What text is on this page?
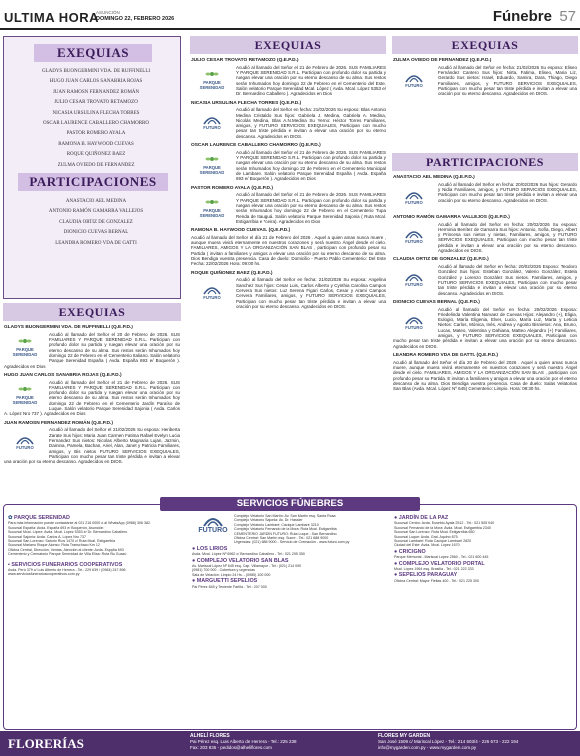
ULTIMA HORA
ASUNCIÓN
DOMINGO 22, FEBRERO 2026	Fúnebre 57
EXEQUIAS
GLADYS BUONGERMINI VDA. DE RUFFINELLI
HUGO JUAN CARLOS SANABRIA ROJAS
JUAN RAMOSN FERNANDEZ ROMÁN
JULIO CESAR TROVATO RETAMOZO
NICASIA URSULINA FLECHA TORRES
OSCAR LAURENCE CABALLERO CHAMORRO
PASTOR ROMERO AYALA
RAMONA B. HAYWOOD CUEVAS
ROQUE QUIÑONEZ BAEZ
ZULMA OVIEDO DE FERNANDEZ
PARTICIPACIONES
ANASTACIO AEL MEDINA
ANTONIO RAMÓN GAMARRA VALLEJOS
CLAUDIA ORTIZ DE GONZALEZ
DIONICIO CUEVAS BERNAL
LEANDRA ROMERO VDA DE GATTI
EXEQUIAS
EXEQUIAS	EXEQUIAS
PARTICIPACIONES
GLADYS BUONGERMINI VDA. DE RUFFINELLI (Q.E.P.D.)
PARQUE SERENIDAD
Acudió al llamado del Señor el 20 de Febrero de 2026. SUS FAMILIARES Y PARQUE SERENIDAD S.R.L. Participan con profundo dolor su partida y ruegan elevar una oración por su eterno descanso de su alma. Sus restos serán Inhumados hoy domingo 22 de Febrero en el Cementerio Italiano. Salón velatorio Parque Serenidad España ( Avda. España 693 e/ Boquerón ). Agradecidos en Dios
HUGO JUAN CARLOS SANABRIA ROJAS (Q.E.P.D.)
PARQUE SERENIDAD
Acudió al llamado del Señor el 21 de Febrero de 2026. SUS FAMILIARES Y PARQUE SERENIDAD S.R.L. Participan con profundo dolor su partida y ruegan elevar una oración por su eterno descanso de su alma. Sus restos serán Inhumados hoy domingo 22 de Febrero en el Cementerio Jardín Paraíso de Luque. Salón velatorio Parque Serenidad Sajonia ( Avda. Carlos A. López Nro 737 ). Agradecidos en Dios
JUAN RAMOSN FERNANDEZ ROMÁN (Q.E.P.D.)
FUTURO
Acudió al llamado del Señor el 21/02/2026 Su esposa: Heriberta Zarate Sus hijos: Maria Juan Carmen Fatima Rafael Evelyn Lucia Fernandez Sus nietos: Nicolas Alberto Magnaria Lujan, Jazmin, Damina, Pamela, Bachan, Ariel, Alan, Janet y Patricia Familiares, amigos, y Bis nietos FUTURO SERVICIOS EXEQUIALES, Participan con mucho pesar tan triste pérdida e invitan a elevar una oración por su eterno descanso. Agradecidos en DIOS.
JULIO CESAR TROVATO RETAMOZO (Q.E.P.D.)
PARQUE SERENIDAD
Acudió al llamado del Señor el 21 de Febrero de 2026. SUS FAMILIARES Y PARQUE SERENIDAD S.R.L. Participan con profundo dolor su partida y ruegan elevar una oración por su eterno descanso de su alma. Sus restos serán Inhumados hoy domingo 22 de Febrero en el Cementerio del Este. Salón velatorio Parque Serenidad Mcal. López ( Avda. Mcal. López 5353 e/ Dr. Bernardino Caballero ). Agradecidos en Dios
NICASIA URSULINA FLECHA TORRES (Q.E.P.D.)
FUTURO
Acudió al llamado del Señor en fecha: 21/02/2026 Su esposo: Blas Antonio Medina Cristaldo Sus hijos: Gabriela J. Medina, Gabriela A. Medina, Nicolás Medina, Blas A.N.Medina Su Yerno: Héctor Torres Familiares, amigos, y FUTURO SERVICIOS EXEQUIALES, Participan con mucho pesar tan triste pérdida e invitan a elevar una oración por su eterno descanso. Agradecidos en DIOS.
OSCAR LAURENCE CABALLERO CHAMORRO (Q.E.P.D.)
PARQUE SERENIDAD
Acudió al llamado del Señor el 21 de Febrero de 2026. SUS FAMILIARES Y PARQUE SERENIDAD S.R.L. Participan con profundo dolor su partida y ruegan elevar una oración por su eterno descanso de su alma. Sus restos serán Inhumados hoy domingo 22 de Febrero en el Cementerio Municipal de Lambare. Salón velatorio Parque Serenidad España ( Avda. España 693 e/ Boquerón ). Agradecidos en Dios
PASTOR ROMERO AYALA (Q.E.P.D.)
PARQUE SERENIDAD
Acudió al llamado del Señor el 21 de Febrero de 2026. SUS FAMILIARES Y PARQUE SERENIDAD S.R.L. Participan con profundo dolor su partida y ruegan elevar una oración por su eterno descanso de su alma. Sus restos serán Inhumados hoy domingo 22 de Febrero en el Cementerio Tupa Renda de Itauguá. Salón velatorio Parque Serenidad Sajonia ( Ruta Mcal. Estigarribia e *ceira). Agradecidos en Dios
RAMONA B. HAYWOOD CUEVAS. (Q.E.P.D.)
Acudió al llamado del Señor el día 21 de Febrero del 2026 . Aquel a quien amas nunca muere , aunque muera vivirá eternamente en nuestros corazones y será nuestro Ángel desde el cielo. FAMILIARES, AMIGOS Y LA ORGANIZACIÓN SAN BLAS , participan con profundo pesar su Partida ( invitan a familiares y amigos a elevar una oración por su eterno descanso de su alma. Dios Bendiga vuestra presencia. Casa de duelo: Domicilio - Puerto Pablo Cementerio: Del Este Fecha: 22/02/2026 Hora: 09:00 hs.
ROQUE QUIÑONEZ BAEZ (Q.E.P.D.)
FUTURO
Acudió al llamado del Señor en fecha: 21/02/2026 Su esposa: Angelina Sanchez Sus hijos: Cesar Luis, Carlos Alberto y Cynthia Carolina Campos Cervera Sus nietos: Luz Serena Figari Carlos, Cesar y Arami Campos Cervera Familiares, amigos, y FUTURO SERVICIOS EXEQUIALES, Participan con mucho pesar tan triste pérdida e invitan a elevar una oración por su eterno descanso. Agradecidos en DIOS.
ZULMA OVIEDO DE FERNANDEZ (Q.E.P.D.)
FUTURO
Acudió al llamado del Señor en fecha: 21/02/2026 Su esposo: Eliseo Fernández Cantero Sus hijos: Nirta, Fatima, Eliseo, Maria Liz, Gerardo Sus nietos: Israel, Eduardo, Samira, Dara, Thiago, Diego Familiares, amigos, y FUTURO SERVICIOS EXEQUIALES, Participan con mucho pesar tan triste pérdida e invitan a elevar una oración por su eterno descanso. Agradecidos en DIOS.
ANASTACIO AEL MEDINA (Q.E.P.D.)
FUTURO
Acudió al llamado del Señor en fecha: 20/02/2026 Sus hijos: Gerardo y Nidia Familiares, amigos, y FUTURO SERVICIOS EXEQUIALES, Participan con mucho pesar tan triste pérdida e invitan a elevar una oración por su eterno descanso. Agradecidos en DIOS.
ANTONIO RAMÓN GAMARRA VALLEJOS (Q.E.P.D.)
FUTURO
Acudió al llamado del Señor en fecha: 20/02/2026 Su esposa: Herminia Benítez de Gamarra Sus hijos: Antonio, Sofía, Diego, Albert y Princesa sus nietos y nietas, Familiares, amigos, y FUTURO SERVICIOS EXEQUIALES, Participan con mucho pesar tan triste pérdida e invitan a elevar una oración por su eterno descanso. Agradecidos en DIOS.
CLAUDIA ORTIZ DE GONZALEZ (Q.E.P.D.)
FUTURO
Acudió al llamado del Señor en fecha: 20/02/2026 Esposo: Teodoro González Sus hijos: Esteban González, Valerio González, Estela González y Lorenzo González Sus nietos. Familiares, amigos, y FUTURO SERVICIOS EXEQUIALES, Participan con mucho pesar tan triste pérdida e invitan a elevar una oración por su eterno descanso. Agradecidos en DIOS.
DIONICIO CUEVAS BERNAL (Q.E.P.D.)
FUTURO
Acudió al llamado del Señor en fecha: 20/02/2026 Esposa: Friedelinda Valentina Narvaez de Cuevas Hijos: Alejandro (+), Eligia, Eulogio, María Eligenia, Elver, Lucio, María Luz, Marta y Leticia Nietos: Carlos, Mónica, Inés, Andrea y Agosto Bisnietos: Ana, Bruno, Lucas, Mateo, Valentina y Dahiana, Matteo Alejandro (+) Familiares, amigos, y FUTURO SERVICIOS EXEQUIALES, Participan con mucho pesar tan triste pérdida e invitan a elevar una oración por su eterno descanso. Agradecidos en DIOS.
LEANDRA ROMERO VDA DE GATTI. (Q.E.P.D.)
Acudió al llamado del Señor el día 20 de Febrero del 2026 . Aquel a quien amas nunca muere, aunque muera vivirá eternamente en nuestros corazones y será nuestro Ángel desde el cielo. FAMILIARES, AMIGOS Y LA ORGANIZACIÓN SAN BLAS , participan con profundo pesar su Partida. E invitan a familiares y amigos a elevar una oración por el eterno descanso de su alma. Dios Bendiga vuestra presencia. Casa de duelo: Salas Velatorias San Blas (Avda. Mcal. López Nº 645) Cementerio: Limpio. Hora: 08:30 hs.
SERVICIOS FÚNEBRES
✿ PARQUE SERENIDAD
Para más información puede contactarse al 021 216 0000 o al WhatsApp (0986) 306 382.
Sucursal España: Avda. España 693 e/ Boquerón, Asunción
Sucursal Mcal. López: Avda. Mcal. López 5353 e/ Dr. Bernardino Caballero
Sucursal Sajonia: Avda. Carlos A. López Nro 737
Sucursal San Lorenzo: Saturio Ríos 1470 c/ Ruta Mcal. Estigarribia
Sucursal Mariano Roque Alonso: Ruta Transchaco Km 12
Oficina Central, Dirección, Ventas, Atención al cliente: Avda. España 693
Cementerio y Crematorio Parque Serenidad de Villa Elisa: Ruta Ñu Guazú
▪ SERVICIOS FUNERARIOS COOPERATIVOS
Avda. Perú 379 c/ Luis Alberto de Herrera - Tel.: 229 639 / (0984) 247 896
www.serviciosfunerarioscooperativos.com.py
FUTURO
Complejo Velatorio San Martín: Av. San Martín esq. Santa Rosa
Complejo Velatorio Sajonia: Av. Dr. Hassler
Complejo Velatorio Lambaré: Cacique Lambaré 3210
Complejo Velatorio Fernando de la Mora: Ruta Mcal. Estigarribia
CEMENTERIO JARDÍN FUTURO: Ruta Luque - San Bernardino
Oficina Central: San Martín esq. Sucre - Tel.: 021 688 9000
Urgencias: (021) 688 9000 - Servicio de Cremación - www.futuro.com.py
● LOS LIRIOS
Avda. Mcal. López Nº 6962 c/ Bernardino Caballero - Tel.: 021 295 350
● COMPLEJO VELATORIO SAN BLAS
Av. Mariscal López Nº 645 esq. Cap. Villamayor - Tel.: (021) 214 090
(0981) 700 000 - Cobertura y urgencias
Sala de Velación: Limpio 24 Hs. - (0985) 100 000
● MARGUETTI SEPELIOS
Pai Pérez 845 y Teniente Fariña - Tel.: 207 000
● JARDÍN DE LA PAZ
Sucursal Centro: Avda. Eusebio Ayala 2512 - Tel.: 021 505 040
Sucursal Fernando de la Mora: Avda. Mcal. Estigarribia 2340
Sucursal San Lorenzo: Ruta Mcal. Estigarribia 650
Sucursal Luque: Avda. Gral. Aquino 875
Sucursal Lambaré: Ruta Cacique Lambaré 2820
Ciudad del Este: Avda. Mcal. López 1670
● CRICIGNO
Parque Memorial - Mariscal López 2560 - Tel.: 021 600 445
● COMPLEJO VELATORIO PORTAL
Mcal. López 1964 esq. Brasilia - Tel.: 021 222 333
● SEPELIOS PARAGUAY
Oficina Central: Mayor Fleitas 400 - Tel.: 021 225 300
FLORERÍAS	ALHELÍ FLORES
Pai Pérez esq. Luis Alberto de Herrera - Tel.: 225 238
Fax: 203 835 - pedidos@alheliflores.com
FLORES MY GARDEN
San José 1509 c/ Mariscal López - Tel.: 214 603/4 - 226 673 - 222 194
info@mygarden.com.py - www.mygarden.com.py
